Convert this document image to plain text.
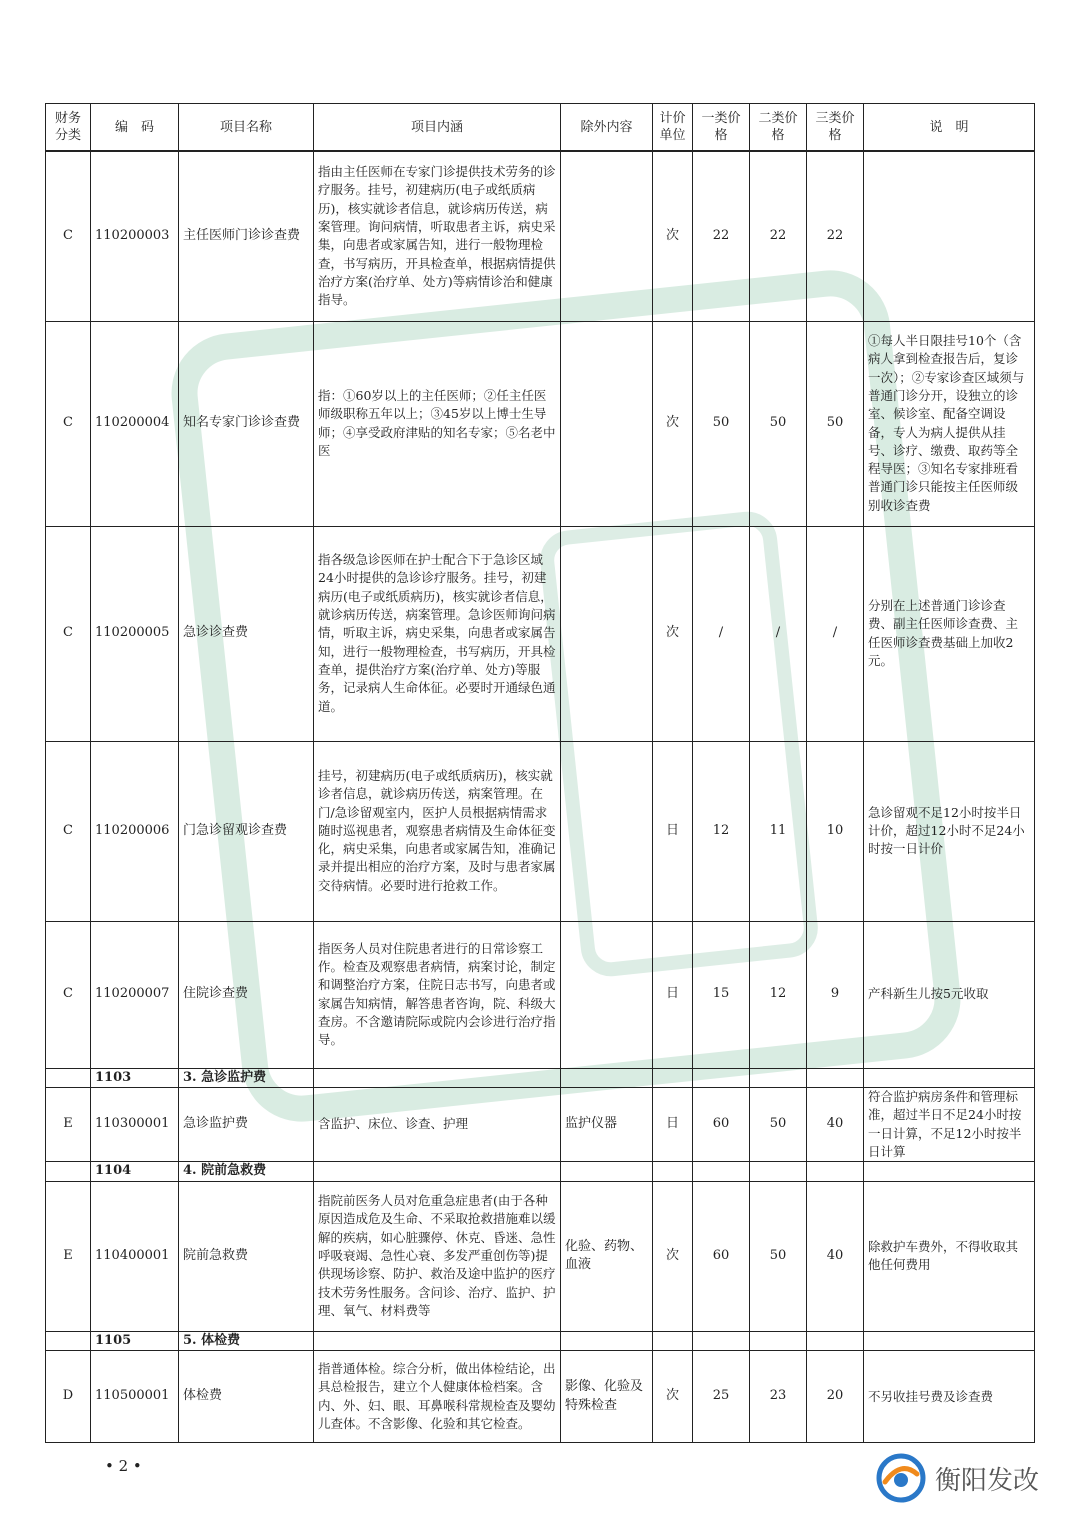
财务分类	编　码	项目名称	项目内涵	除外内容	计价单位	一类价格	二类价格	三类价格	说　明
C	110200003	主任医师门诊诊查费	指由主任医师在专家门诊提供技术劳务的诊疗服务。挂号，初建病历(电子或纸质病历)，核实就诊者信息，就诊病历传送，病案管理。询问病情，听取患者主诉，病史采集，向患者或家属告知，进行一般物理检查，书写病历，开具检查单，根据病情提供治疗方案(治疗单、处方)等病情诊治和健康指导。		次	22	22	22	
C	110200004	知名专家门诊诊查费	指：①60岁以上的主任医师；②任主任医师级职称五年以上；③45岁以上博士生导师；④享受政府津贴的知名专家；⑤名老中医		次	50	50	50	①每人半日限挂号10个（含病人拿到检查报告后，复诊一次）；②专家诊查区域须与普通门诊分开，设独立的诊室、候诊室、配备空调设备，专人为病人提供从挂号、诊疗、缴费、取药等全程导医；③知名专家排班看普通门诊只能按主任医师级别收诊查费
C	110200005	急诊诊查费	指各级急诊医师在护士配合下于急诊区域24小时提供的急诊诊疗服务。挂号，初建病历(电子或纸质病历)，核实就诊者信息，就诊病历传送，病案管理。急诊医师询问病情，听取主诉，病史采集，向患者或家属告知，进行一般物理检查，书写病历，开具检查单，提供治疗方案(治疗单、处方)等服务，记录病人生命体征。必要时开通绿色通道。		次	/	/	/	分别在上述普通门诊诊查费、副主任医师诊查费、主任医师诊查费基础上加收2元。
C	110200006	门急诊留观诊查费	挂号，初建病历(电子或纸质病历)，核实就诊者信息，就诊病历传送，病案管理。在门/急诊留观室内，医护人员根据病情需求随时巡视患者，观察患者病情及生命体征变化，病史采集，向患者或家属告知，准确记录并提出相应的治疗方案，及时与患者家属交待病情。必要时进行抢救工作。		日	12	11	10	急诊留观不足12小时按半日计价，超过12小时不足24小时按一日计价
C	110200007	住院诊查费	指医务人员对住院患者进行的日常诊察工作。检查及观察患者病情，病案讨论，制定和调整治疗方案，住院日志书写，向患者或家属告知病情，解答患者咨询，院、科级大查房。不含邀请院际或院内会诊进行治疗指导。		日	15	12	9	产科新生儿按5元收取
	1103	3. 急诊监护费							
E	110300001	急诊监护费	含监护、床位、诊查、护理	监护仪器	日	60	50	40	符合监护病房条件和管理标准，超过半日不足24小时按一日计算，不足12小时按半日计算
	1104	4. 院前急救费							
E	110400001	院前急救费	指院前医务人员对危重急症患者(由于各种原因造成危及生命、不采取抢救措施难以缓解的疾病，如心脏骤停、休克、昏迷、急性呼吸衰竭、急性心衰、多发严重创伤等)提供现场诊察、防护、救治及途中监护的医疗技术劳务性服务。含问诊、治疗、监护、护理、氧气、材料费等	化验、药物、血液	次	60	50	40	除救护车费外，不得收取其他任何费用
	1105	5. 体检费							
D	110500001	体检费	指普通体检。综合分析，做出体检结论，出具总检报告，建立个人健康体检档案。含内、外、妇、眼、耳鼻喉科常规检查及婴幼儿查体。不含影像、化验和其它检查。	影像、化验及特殊检查	次	25	23	20	不另收挂号费及诊查费
• 2 •	衡阳发改
